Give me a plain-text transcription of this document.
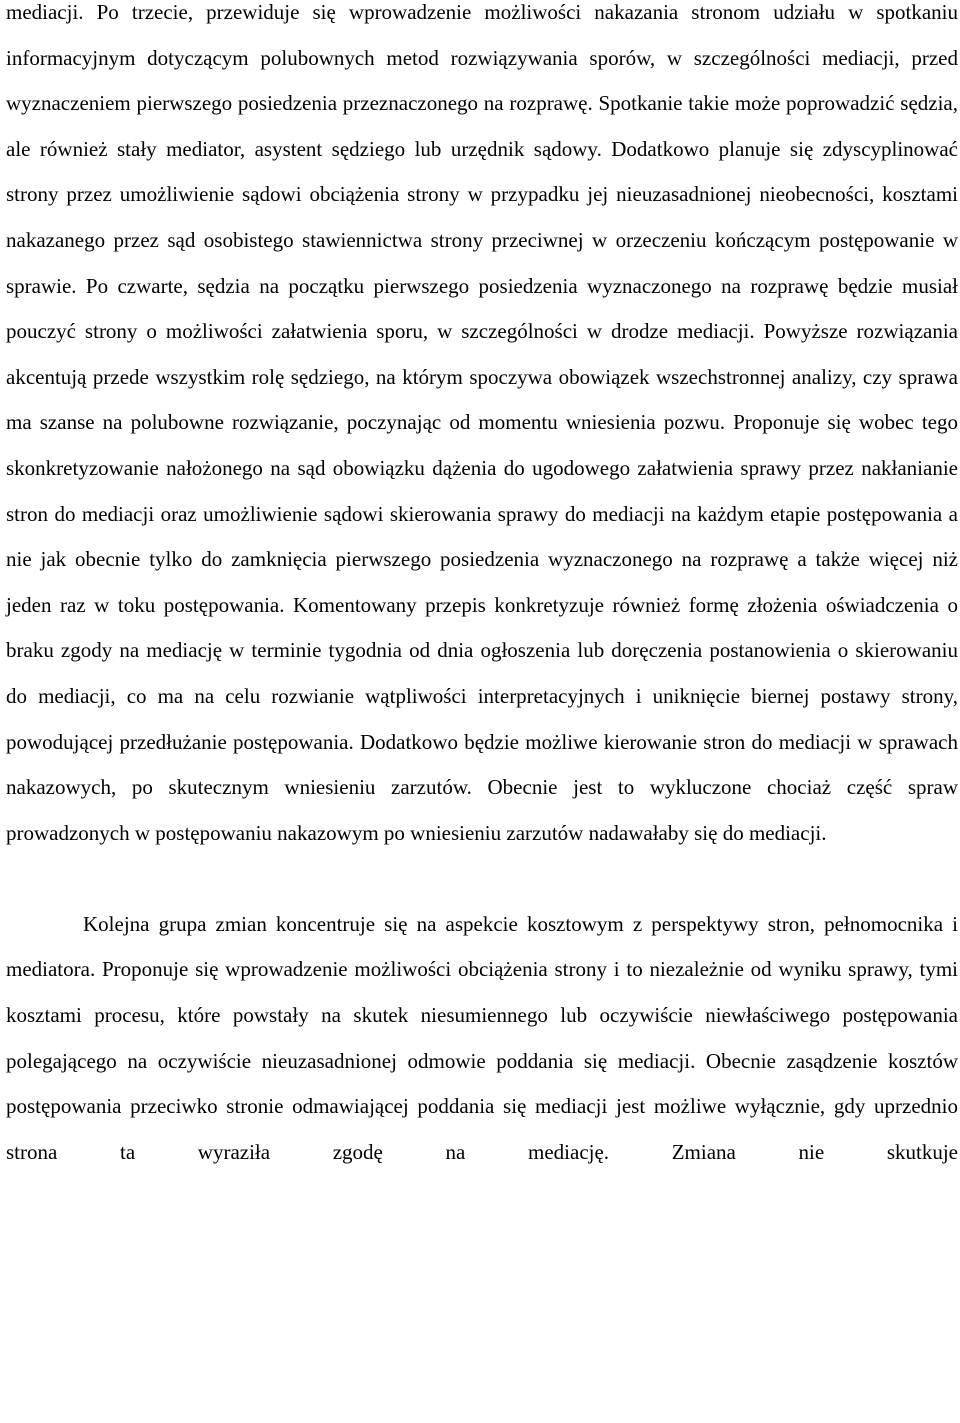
mediacji. Po trzecie, przewiduje się wprowadzenie możliwości nakazania stronom udziału w spotkaniu informacyjnym dotyczącym polubownych metod rozwiązywania sporów, w szczególności mediacji, przed wyznaczeniem pierwszego posiedzenia przeznaczonego na rozprawę. Spotkanie takie może poprowadzić sędzia, ale również stały mediator, asystent sędziego lub urzędnik sądowy. Dodatkowo planuje się zdyscyplinować strony przez umożliwienie sądowi obciążenia strony w przypadku jej nieuzasadnionej nieobecności, kosztami nakazanego przez sąd osobistego stawiennictwa strony przeciwnej w orzeczeniu kończącym postępowanie w sprawie. Po czwarte, sędzia na początku pierwszego posiedzenia wyznaczonego na rozprawę będzie musiał pouczyć strony o możliwości załatwienia sporu, w szczególności w drodze mediacji. Powyższe rozwiązania akcentują przede wszystkim rolę sędziego, na którym spoczywa obowiązek wszechstronnej analizy, czy sprawa ma szanse na polubowne rozwiązanie, poczynając od momentu wniesienia pozwu. Proponuje się wobec tego skonkretyzowanie nałożonego na sąd obowiązku dążenia do ugodowego załatwienia sprawy przez nakłanianie stron do mediacji oraz umożliwienie sądowi skierowania sprawy do mediacji na każdym etapie postępowania a nie jak obecnie tylko do zamknięcia pierwszego posiedzenia wyznaczonego na rozprawę a także więcej niż jeden raz w toku postępowania. Komentowany przepis konkretyzuje również formę złożenia oświadczenia o braku zgody na mediację w terminie tygodnia od dnia ogłoszenia lub doręczenia postanowienia o skierowaniu do mediacji, co ma na celu rozwianie wątpliwości interpretacyjnych i uniknięcie biernej postawy strony, powodującej przedłużanie postępowania. Dodatkowo będzie możliwe kierowanie stron do mediacji w sprawach nakazowych, po skutecznym wniesieniu zarzutów. Obecnie jest to wykluczone chociaż część spraw prowadzonych w postępowaniu nakazowym po wniesieniu zarzutów nadawałaby się do mediacji.

Kolejna grupa zmian koncentruje się na aspekcie kosztowym z perspektywy stron, pełnomocnika i mediatora. Proponuje się wprowadzenie możliwości obciążenia strony i to niezależnie od wyniku sprawy, tymi kosztami procesu, które powstały na skutek niesumiennego lub oczywiście niewłaściwego postępowania polegającego na oczywiście nieuzasadnionej odmowie poddania się mediacji. Obecnie zasądzenie kosztów postępowania przeciwko stronie odmawiającej poddania się mediacji jest możliwe wyłącznie, gdy uprzednio strona ta wyraziła zgodę na mediację. Zmiana nie skutkuje
